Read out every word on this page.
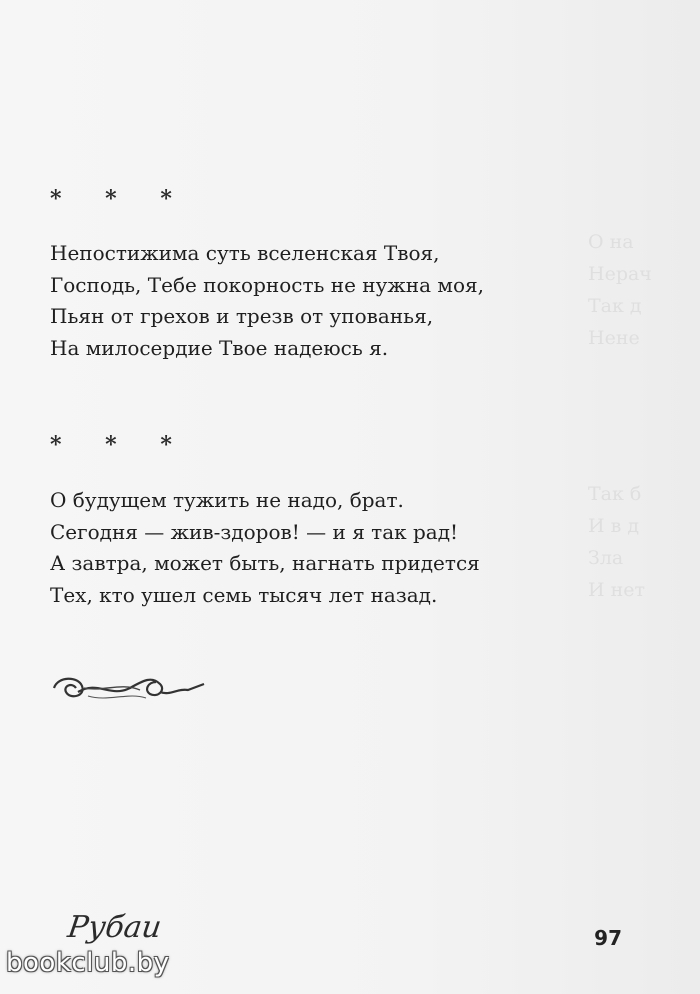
О на
Нерач
Так д
Нене
Так б
И в д
Зла
И нет
* * *
Непостижима суть вселенская Твоя,
Господь, Тебе покорность не нужна моя,
Пьян от грехов и трезв от упованья,
На милосердие Твое надеюсь я.
* * *
О будущем тужить не надо, брат.
Сегодня — жив-здоров! — и я так рад!
А завтра, может быть, нагнать придется
Тех, кто ушел семь тысяч лет назад.
Рубаи	97
bookclub.by
